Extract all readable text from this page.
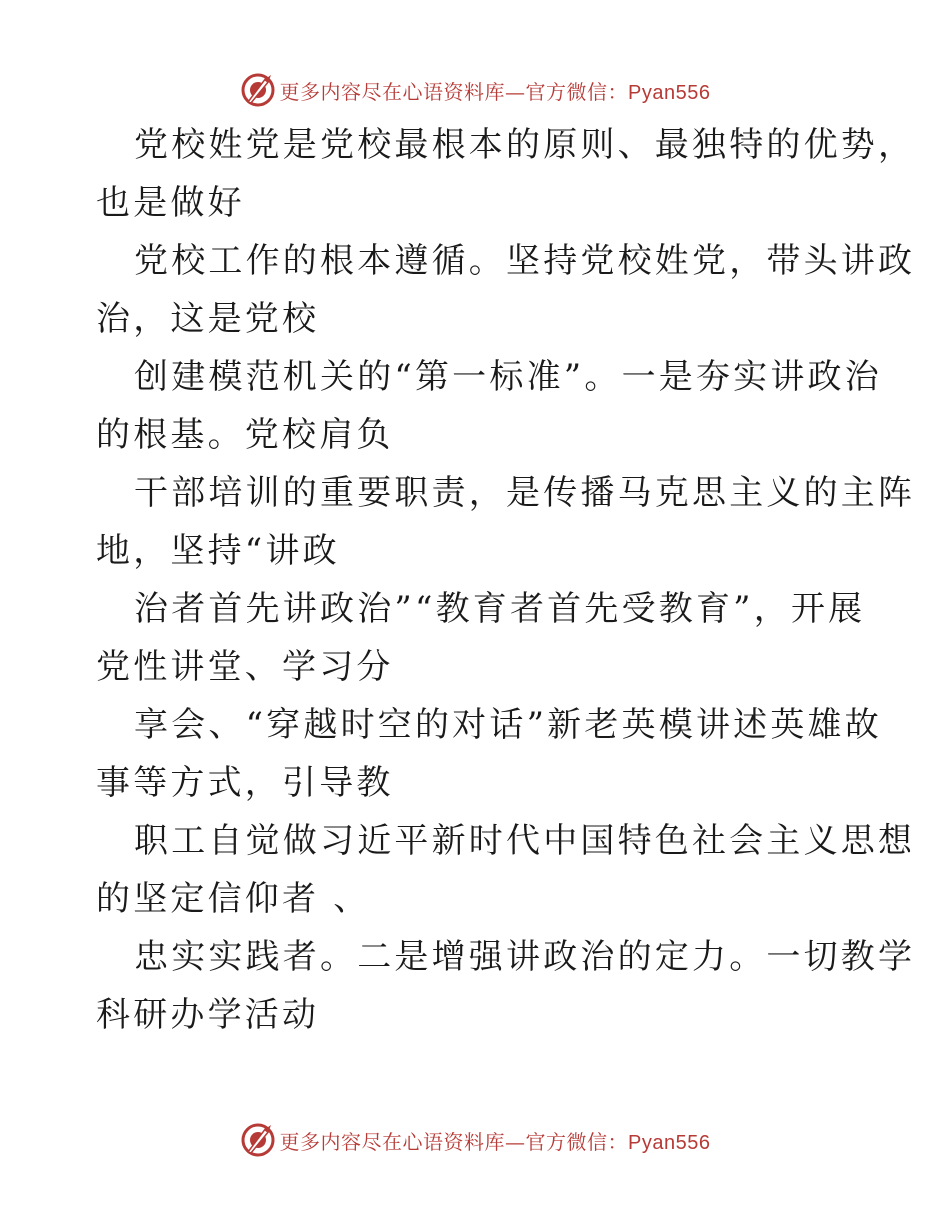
更多内容尽在心语资料库—官方微信：Pyan556

党校姓党是党校最根本的原则、最独特的优势，
也是做好

党校工作的根本遵循。坚持党校姓党，带头讲政
治，这是党校

创建模范机关的“第一标准”。一是夯实讲政治
的根基。党校肩负

干部培训的重要职责，是传播马克思主义的主阵
地，坚持“讲政

治者首先讲政治”“教育者首先受教育”，开展
党性讲堂、学习分

享会、“穿越时空的对话”新老英模讲述英雄故
事等方式，引导教

职工自觉做习近平新时代中国特色社会主义思想
的坚定信仰者 、

忠实实践者。二是增强讲政治的定力。一切教学
科研办学活动

更多内容尽在心语资料库—官方微信：Pyan556
